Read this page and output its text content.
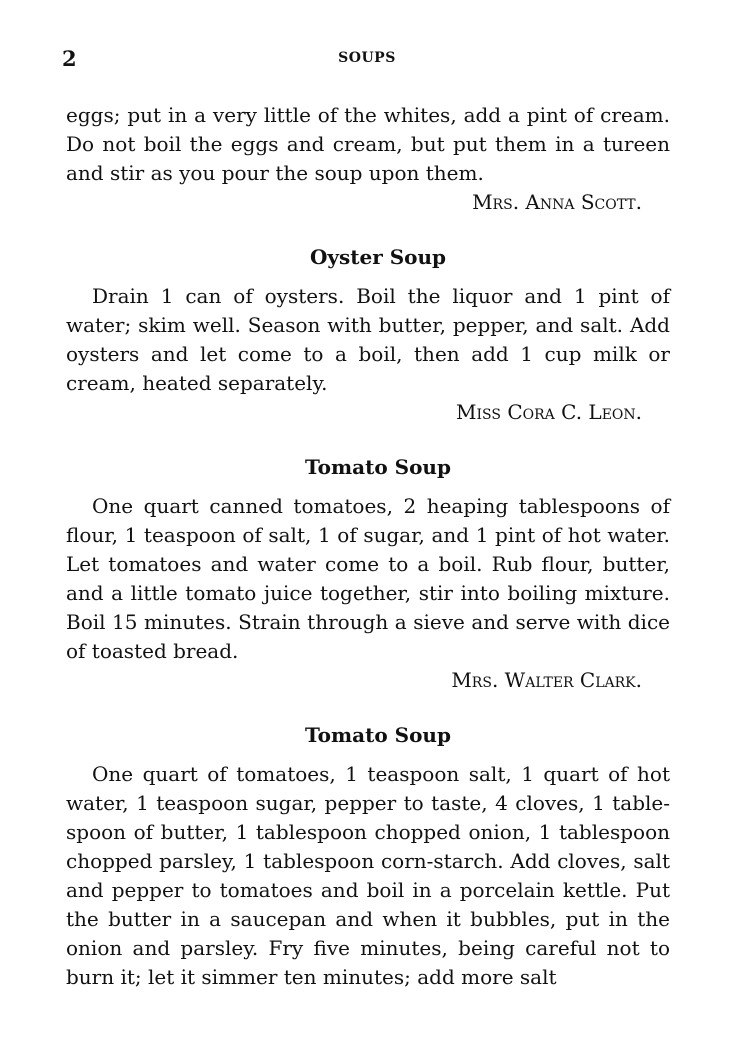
2	SOUPS

eggs; put in a very little of the whites, add a pint of cream. Do not boil the eggs and cream, but put them in a tureen and stir as you pour the soup upon them.

Mrs. Anna Scott.

Oyster Soup

Drain 1 can of oysters. Boil the liquor and 1 pint of water; skim well. Season with butter, pepper, and salt. Add oysters and let come to a boil, then add 1 cup milk or cream, heated separately.

Miss Cora C. Leon.

Tomato Soup

One quart canned tomatoes, 2 heaping tablespoons of flour, 1 teaspoon of salt, 1 of sugar, and 1 pint of hot water. Let tomatoes and water come to a boil. Rub flour, butter, and a little tomato juice together, stir into boiling mixture. Boil 15 minutes. Strain through a sieve and serve with dice of toasted bread.

Mrs. Walter Clark.

Tomato Soup

One quart of tomatoes, 1 teaspoon salt, 1 quart of hot water, 1 teaspoon sugar, pepper to taste, 4 cloves, 1 table-spoon of butter, 1 tablespoon chopped onion, 1 tablespoon chopped parsley, 1 tablespoon corn-starch. Add cloves, salt and pepper to tomatoes and boil in a porcelain kettle. Put the butter in a saucepan and when it bubbles, put in the onion and parsley. Fry five minutes, being careful not to burn it; let it simmer ten minutes; add more salt
